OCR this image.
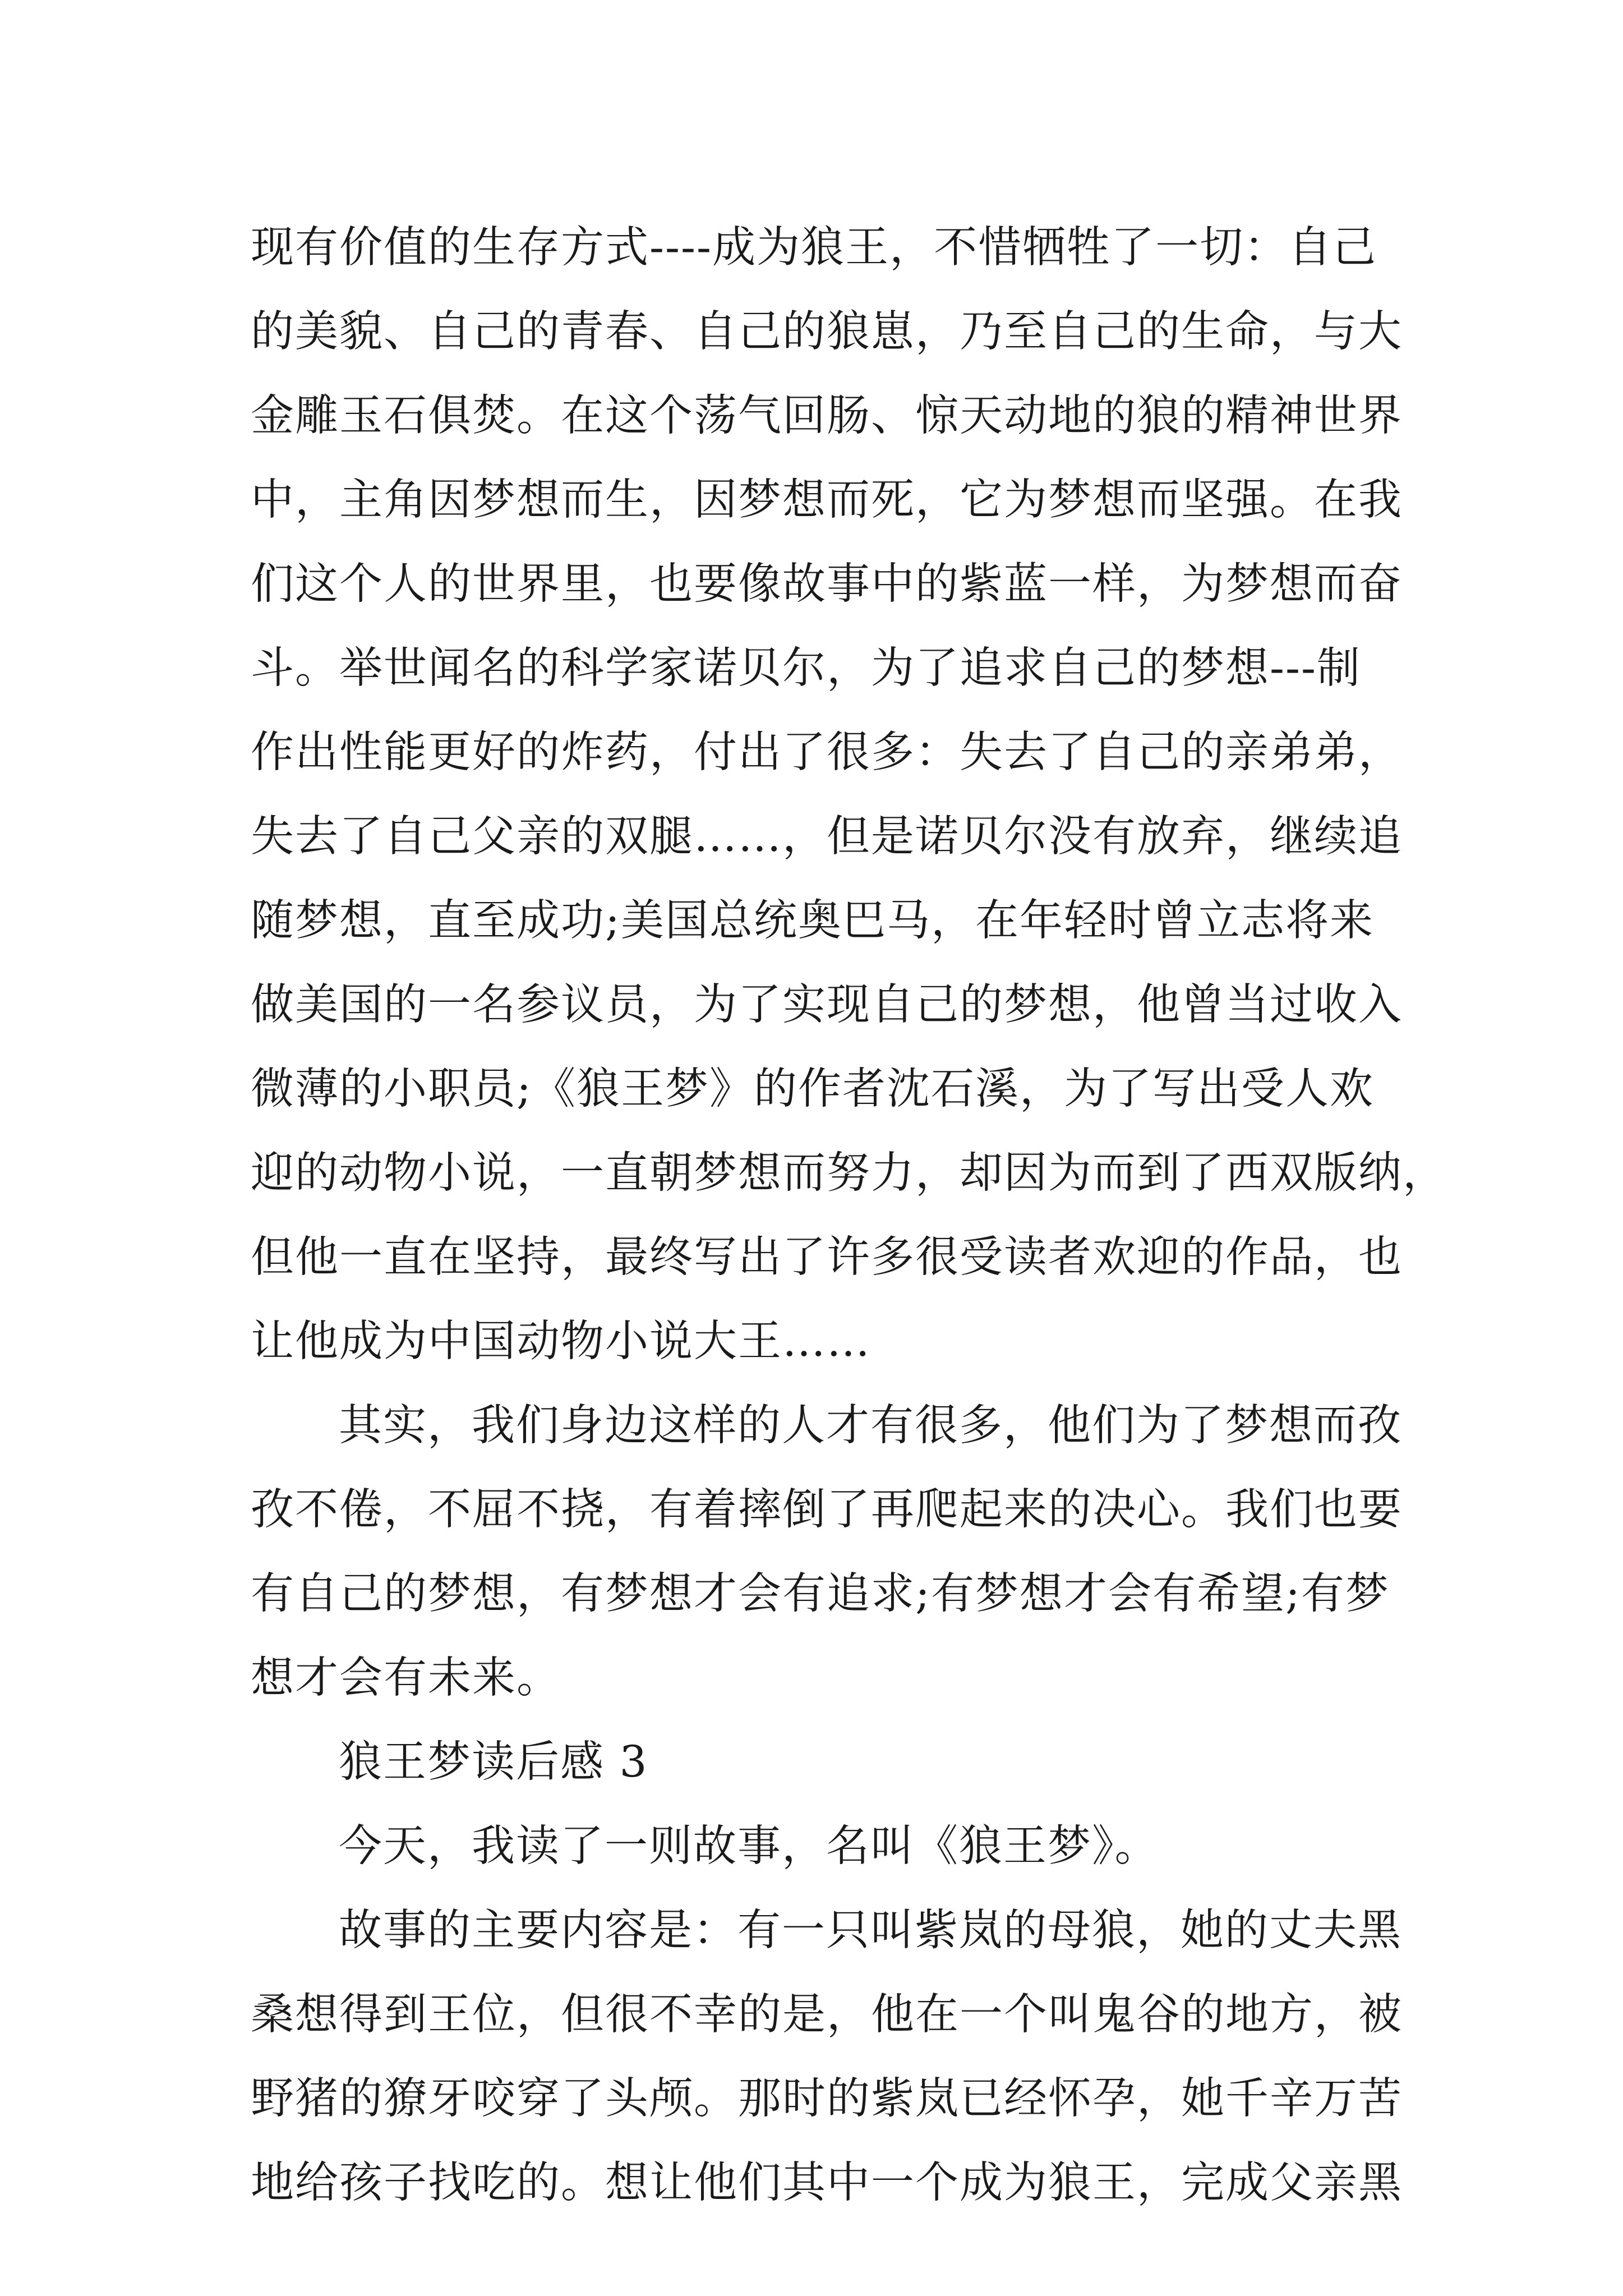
现有价值的生存方式----成为狼王，不惜牺牲了一切：自己
的美貌、自己的青春、自己的狼崽，乃至自己的生命，与大
金雕玉石俱焚。在这个荡气回肠、惊天动地的狼的精神世界
中，主角因梦想而生，因梦想而死，它为梦想而坚强。在我
们这个人的世界里，也要像故事中的紫蓝一样，为梦想而奋
斗。举世闻名的科学家诺贝尔，为了追求自己的梦想---制
作出性能更好的炸药，付出了很多：失去了自己的亲弟弟，
失去了自己父亲的双腿……，但是诺贝尔没有放弃，继续追
随梦想，直至成功;美国总统奥巴马，在年轻时曾立志将来
做美国的一名参议员，为了实现自己的梦想，他曾当过收入
微薄的小职员;《狼王梦》的作者沈石溪，为了写出受人欢
迎的动物小说，一直朝梦想而努力，却因为而到了西双版纳，
但他一直在坚持，最终写出了许多很受读者欢迎的作品，也
让他成为中国动物小说大王……
其实，我们身边这样的人才有很多，他们为了梦想而孜
孜不倦，不屈不挠，有着摔倒了再爬起来的决心。我们也要
有自己的梦想，有梦想才会有追求;有梦想才会有希望;有梦
想才会有未来。
狼王梦读后感 3
今天，我读了一则故事，名叫《狼王梦》。
故事的主要内容是：有一只叫紫岚的母狼，她的丈夫黑
桑想得到王位，但很不幸的是，他在一个叫鬼谷的地方，被
野猪的獠牙咬穿了头颅。那时的紫岚已经怀孕，她千辛万苦
地给孩子找吃的。想让他们其中一个成为狼王，完成父亲黑
